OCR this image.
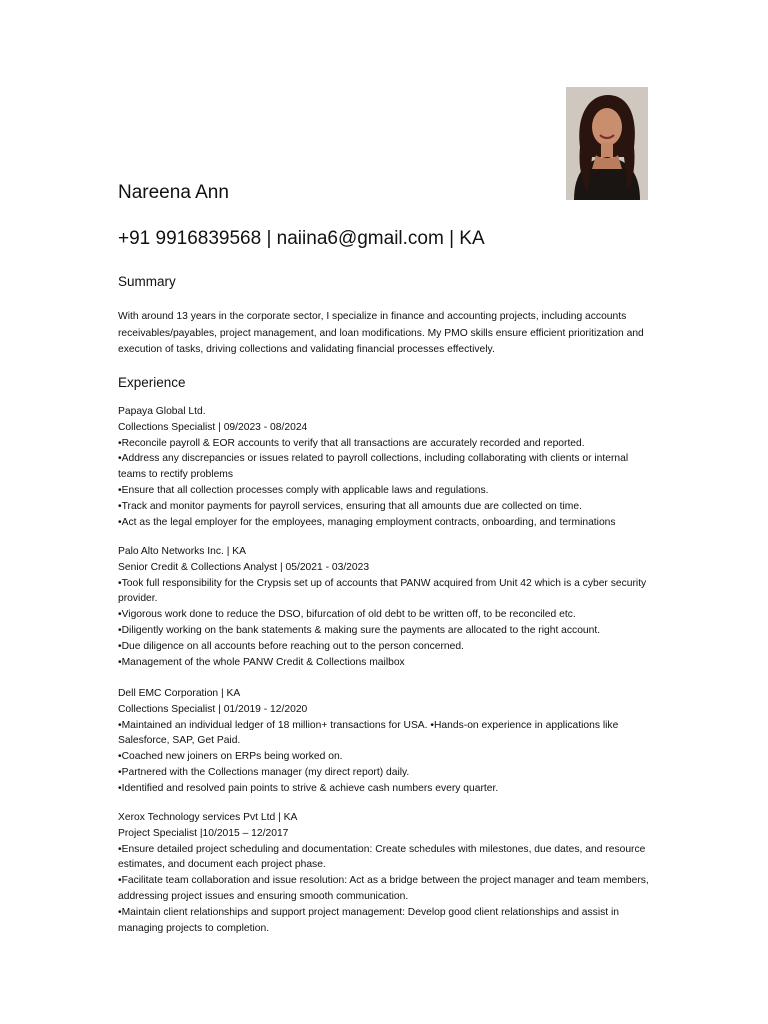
Nareena Ann
+91 9916839568 | naiina6@gmail.com | KA
Summary
With around 13 years in the corporate sector, I specialize in finance and accounting projects, including accounts receivables/payables, project management, and loan modifications. My PMO skills ensure efficient prioritization and execution of tasks, driving collections and validating financial processes effectively.
Experience
Papaya Global Ltd.
Collections Specialist | 09/2023 - 08/2024
•Reconcile payroll & EOR accounts to verify that all transactions are accurately recorded and reported.
•Address any discrepancies or issues related to payroll collections, including collaborating with clients or internal teams to rectify problems
•Ensure that all collection processes comply with applicable laws and regulations.
•Track and monitor payments for payroll services, ensuring that all amounts due are collected on time.
•Act as the legal employer for the employees, managing employment contracts, onboarding, and terminations
Palo Alto Networks Inc. | KA
Senior Credit & Collections Analyst | 05/2021 - 03/2023
•Took full responsibility for the Crypsis set up of accounts that PANW acquired from Unit 42 which is a cyber security provider.
•Vigorous work done to reduce the DSO, bifurcation of old debt to be written off, to be reconciled etc.
•Diligently working on the bank statements & making sure the payments are allocated to the right account.
•Due diligence on all accounts before reaching out to the person concerned.
•Management of the whole PANW Credit & Collections mailbox
Dell EMC Corporation | KA
Collections Specialist | 01/2019 - 12/2020
•Maintained an individual ledger of 18 million+ transactions for USA. •Hands-on experience in applications like Salesforce, SAP, Get Paid.
•Coached new joiners on ERPs being worked on.
•Partnered with the Collections manager (my direct report) daily.
•Identified and resolved pain points to strive & achieve cash numbers every quarter.
Xerox Technology services Pvt Ltd | KA
Project Specialist |10/2015 – 12/2017
•Ensure detailed project scheduling and documentation: Create schedules with milestones, due dates, and resource estimates, and document each project phase.
•Facilitate team collaboration and issue resolution: Act as a bridge between the project manager and team members, addressing project issues and ensuring smooth communication.
•Maintain client relationships and support project management: Develop good client relationships and assist in managing projects to completion.
